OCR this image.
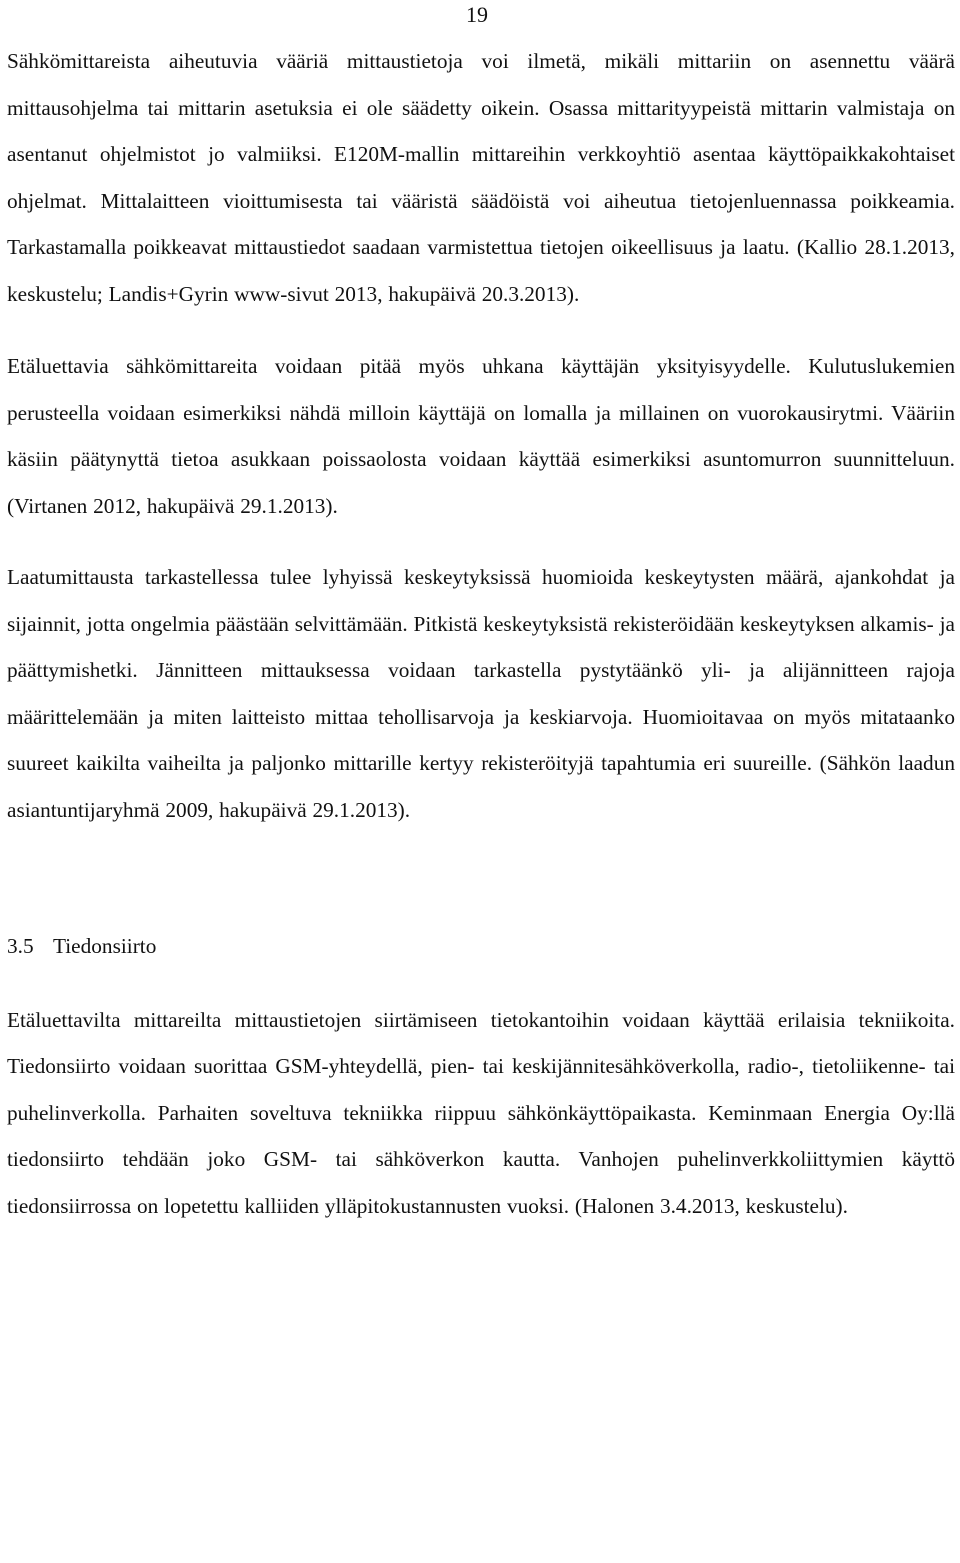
19

Sähkömittareista aiheutuvia vääriä mittaustietoja voi ilmetä, mikäli mittariin on asennettu väärä mittausohjelma tai mittarin asetuksia ei ole säädetty oikein. Osassa mittarityypeistä mittarin valmistaja on asentanut ohjelmistot jo valmiiksi. E120M-mallin mittareihin verkkoyhtiö asentaa käyttöpaikkakohtaiset ohjelmat. Mittalaitteen vioittumisesta tai vääristä säädöistä voi aiheutua tietojenluennassa poikkeamia. Tarkastamalla poikkeavat mittaustiedot saadaan varmistettua tietojen oikeellisuus ja laatu. (Kallio 28.1.2013, keskustelu; Landis+Gyrin www-sivut 2013, hakupäivä 20.3.2013).

Etäluettavia sähkömittareita voidaan pitää myös uhkana käyttäjän yksityisyydelle. Kulutuslukemien perusteella voidaan esimerkiksi nähdä milloin käyttäjä on lomalla ja millainen on vuorokausirytmi. Vääriin käsiin päätynyttä tietoa asukkaan poissaolosta voidaan käyttää esimerkiksi asuntomurron suunnitteluun. (Virtanen 2012, hakupäivä 29.1.2013).

Laatumittausta tarkastellessa tulee lyhyissä keskeytyksissä huomioida keskeytysten määrä, ajankohdat ja sijainnit, jotta ongelmia päästään selvittämään. Pitkistä keskeytyksistä rekisteröidään keskeytyksen alkamis- ja päättymishetki. Jännitteen mittauksessa voidaan tarkastella pystytäänkö yli- ja alijännitteen rajoja määrittelemään ja miten laitteisto mittaa tehollisarvoja ja keskiarvoja. Huomioitavaa on myös mitataanko suureet kaikilta vaiheilta ja paljonko mittarille kertyy rekisteröityjä tapahtumia eri suureille. (Sähkön laadun asiantuntijaryhmä 2009, hakupäivä 29.1.2013).

3.5 Tiedonsiirto

Etäluettavilta mittareilta mittaustietojen siirtämiseen tietokantoihin voidaan käyttää erilaisia tekniikoita. Tiedonsiirto voidaan suorittaa GSM-yhteydellä, pien- tai keskijännitesähköverkolla, radio-, tietoliikenne- tai puhelinverkolla. Parhaiten soveltuva tekniikka riippuu sähkönkäyttöpaikasta. Keminmaan Energia Oy:llä tiedonsiirto tehdään joko GSM- tai sähköverkon kautta. Vanhojen puhelinverkkoliittymien käyttö tiedonsiirrossa on lopetettu kalliiden ylläpitokustannusten vuoksi. (Halonen 3.4.2013, keskustelu).
